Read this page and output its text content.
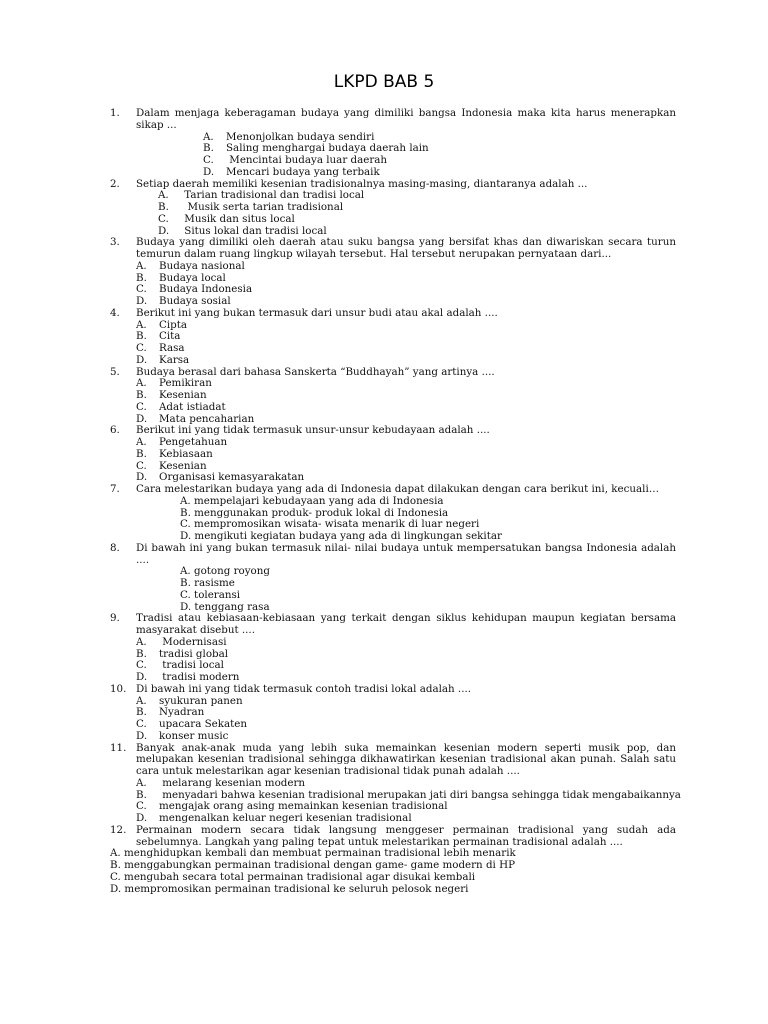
LKPD BAB 5
1.	Dalam menjaga keberagaman budaya yang dimiliki bangsa Indonesia maka kita harus menerapkan sikap ...
A. Menonjolkan budaya sendiri
B. Saling menghargai budaya daerah lain
C. Mencintai budaya luar daerah
D. Mencari budaya yang terbaik
2.	Setiap daerah memiliki kesenian tradisionalnya masing-masing, diantaranya adalah ...
A. Tarian tradisional dan tradisi local
B.  Musik serta tarian tradisional
C. Musik dan situs local
D. Situs lokal dan tradisi local
3.	Budaya yang dimiliki oleh daerah atau suku bangsa yang bersifat khas dan diwariskan secara turun temurun dalam ruang lingkup wilayah tersebut. Hal tersebut nerupakan pernyataan dari...
A. Budaya nasional
B. Budaya local
C. Budaya Indonesia
D. Budaya sosial
4.	Berikut ini yang bukan termasuk dari unsur budi atau akal adalah ....
A. Cipta
B. Cita
C. Rasa
D. Karsa
5.	Budaya berasal dari bahasa Sanskerta “Buddhayah” yang artinya ....
A. Pemikiran
B. Kesenian
C. Adat istiadat
D. Mata pencaharian
6.	Berikut ini yang tidak termasuk unsur-unsur kebudayaan adalah ....
A. Pengetahuan
B. Kebiasaan
C. Kesenian
D. Organisasi kemasyarakatan
7.	Cara melestarikan budaya yang ada di Indonesia dapat dilakukan dengan cara berikut ini, kecuali…
A. mempelajari kebudayaan yang ada di Indonesia
B. menggunakan produk- produk lokal di Indonesia
C. mempromosikan wisata- wisata menarik di luar negeri
D. mengikuti kegiatan budaya yang ada di lingkungan sekitar
8.	Di bawah ini yang bukan termasuk nilai- nilai budaya untuk mempersatukan bangsa Indonesia adalah ....
A. gotong royong
B. rasisme
C. toleransi
D. tenggang rasa
9.	Tradisi atau kebiasaan-kebiasaan yang terkait dengan siklus kehidupan maupun kegiatan bersama masyarakat disebut ....
A. Modernisasi
B. tradisi global
C. tradisi local
D. tradisi modern
10. Di bawah ini yang tidak termasuk contoh tradisi lokal adalah ....
A. syukuran panen
B. Nyadran
C. upacara Sekaten
D. konser music
11. Banyak anak-anak muda yang lebih suka memainkan kesenian modern seperti musik pop, dan melupakan kesenian tradisional sehingga dikhawatirkan kesenian tradisional akan punah. Salah satu cara untuk melestarikan agar kesenian tradisional tidak punah adalah ....
A. melarang kesenian modern
B. menyadari bahwa kesenian tradisional merupakan jati diri bangsa sehingga tidak mengabaikannya
C. mengajak orang asing memainkan kesenian tradisional
D. mengenalkan keluar negeri kesenian tradisional
12. Permainan modern secara tidak langsung menggeser permainan tradisional yang sudah ada sebelumnya. Langkah yang paling tepat untuk melestarikan permainan tradisional adalah ....
A. menghidupkan kembali dan membuat permainan tradisional lebih menarik
B. menggabungkan permainan tradisional dengan game- game modern di HP
C. mengubah secara total permainan tradisional agar disukai kembali
D. mempromosikan permainan tradisional ke seluruh pelosok negeri
